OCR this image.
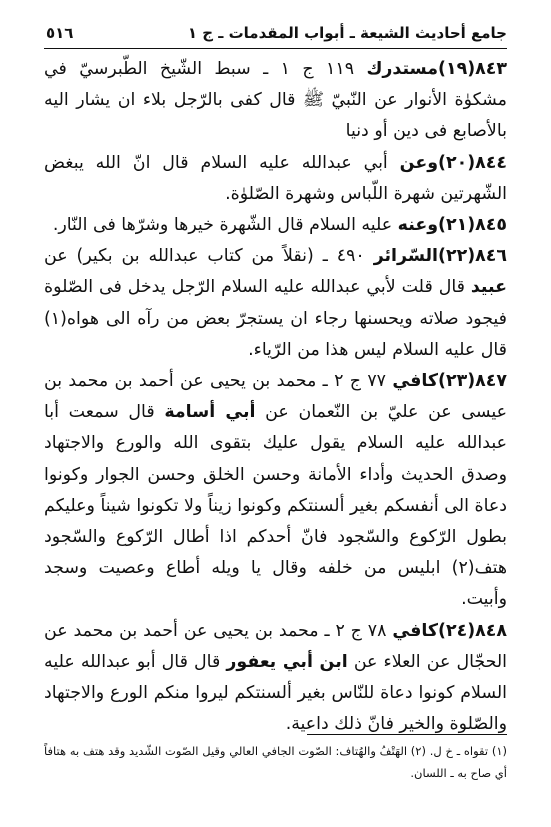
جامع أحاديث الشيعة ـ أبواب المقدمات ـ ج ١
٥١٦

٨٤٣(١٩)مستدرك ١١٩ ج ١ ـ سبط الشّيخ الطّبرسيّ في مشكوٰة الأنوار عن النّبيّ ﷺ قال كفى بالرّجل بلاء ان يشار اليه بالأصابع فى دين أو دنيا

٨٤٤(٢٠)وعن أبي عبدالله عليه السلام قال انّ الله يبغض الشّهرتين شهرة اللّباس وشهرة الصّلوٰة.

٨٤٥(٢١)وعنه عليه السلام قال الشّهرة خيرها وشرّها فى النّار.

٨٤٦(٢٢)السّرائر ٤٩٠ ـ (نقلاً من كتاب عبدالله بن بكير) عن عبيد قال قلت لأبي عبدالله عليه السلام الرّجل يدخل فى الصّلوة فيجود صلاته ويحسنها رجاء ان يستجرّ بعض من رآه الى هواه(١) قال عليه السلام ليس هذا من الرّياء.

٨٤٧(٢٣)كافي ٧٧ ج ٢ ـ محمد بن يحيى عن أحمد بن محمد بن عيسى عن عليّ بن النّعمان عن أبي أسامة قال سمعت أبا عبدالله عليه السلام يقول عليك بتقوى الله والورع والاجتهاد وصدق الحديث وأداء الأمانة وحسن الخلق وحسن الجوار وكونوا دعاة الى أنفسكم بغير ألسنتكم وكونوا زيناً ولا تكونوا شيناً وعليكم بطول الرّكوع والسّجود فانّ أحدكم اذا أطال الرّكوع والسّجود هتف(٢) ابليس من خلفه وقال يا ويله أطاع وعصيت وسجد وأبيت.

٨٤٨(٢٤)كافي ٧٨ ج ٢ ـ محمد بن يحيى عن أحمد بن محمد عن الحجّال عن العلاء عن ابن أبي يعفور قال قال أبو عبدالله عليه السلام كونوا دعاة للنّاس بغير ألسنتكم ليروا منكم الورع والاجتهاد والصّلوة والخير فانّ ذلك داعية.

(١) تقواه ـ خ ل. (٢) الهَتْفُ والهُتاف: الصّوت الجافي العالي وقيل الصّوت الشّديد وقد هتف به هتافاً أي صاح به ـ اللسان.
